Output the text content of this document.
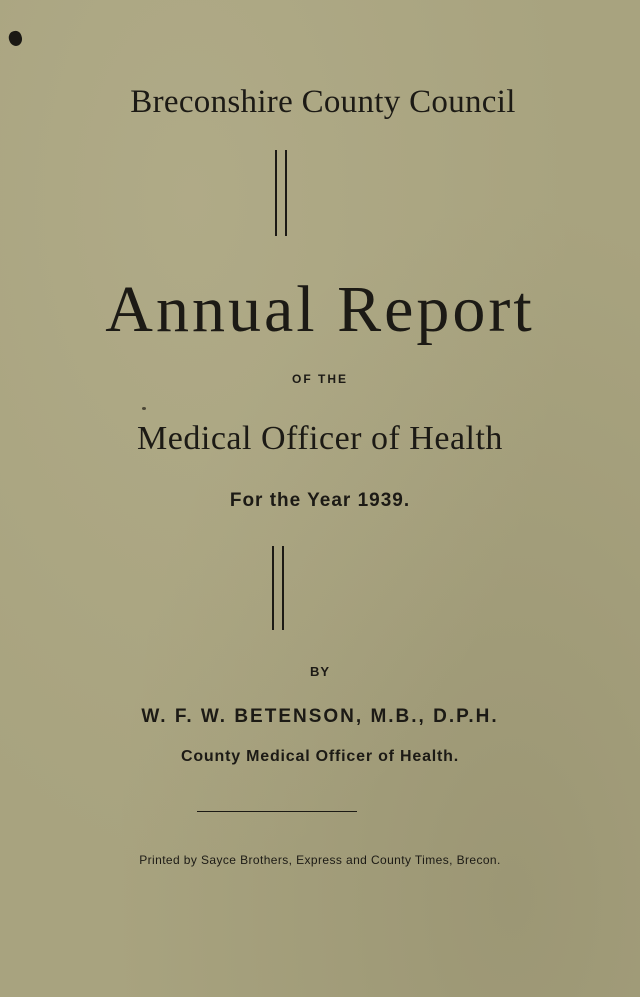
Breconshire County Council
Annual Report
OF THE
Medical Officer of Health
For the Year 1939.
BY
W. F. W. BETENSON, M.B., D.P.H.
County Medical Officer of Health.
Printed by Sayce Brothers, Express and County Times, Brecon.
